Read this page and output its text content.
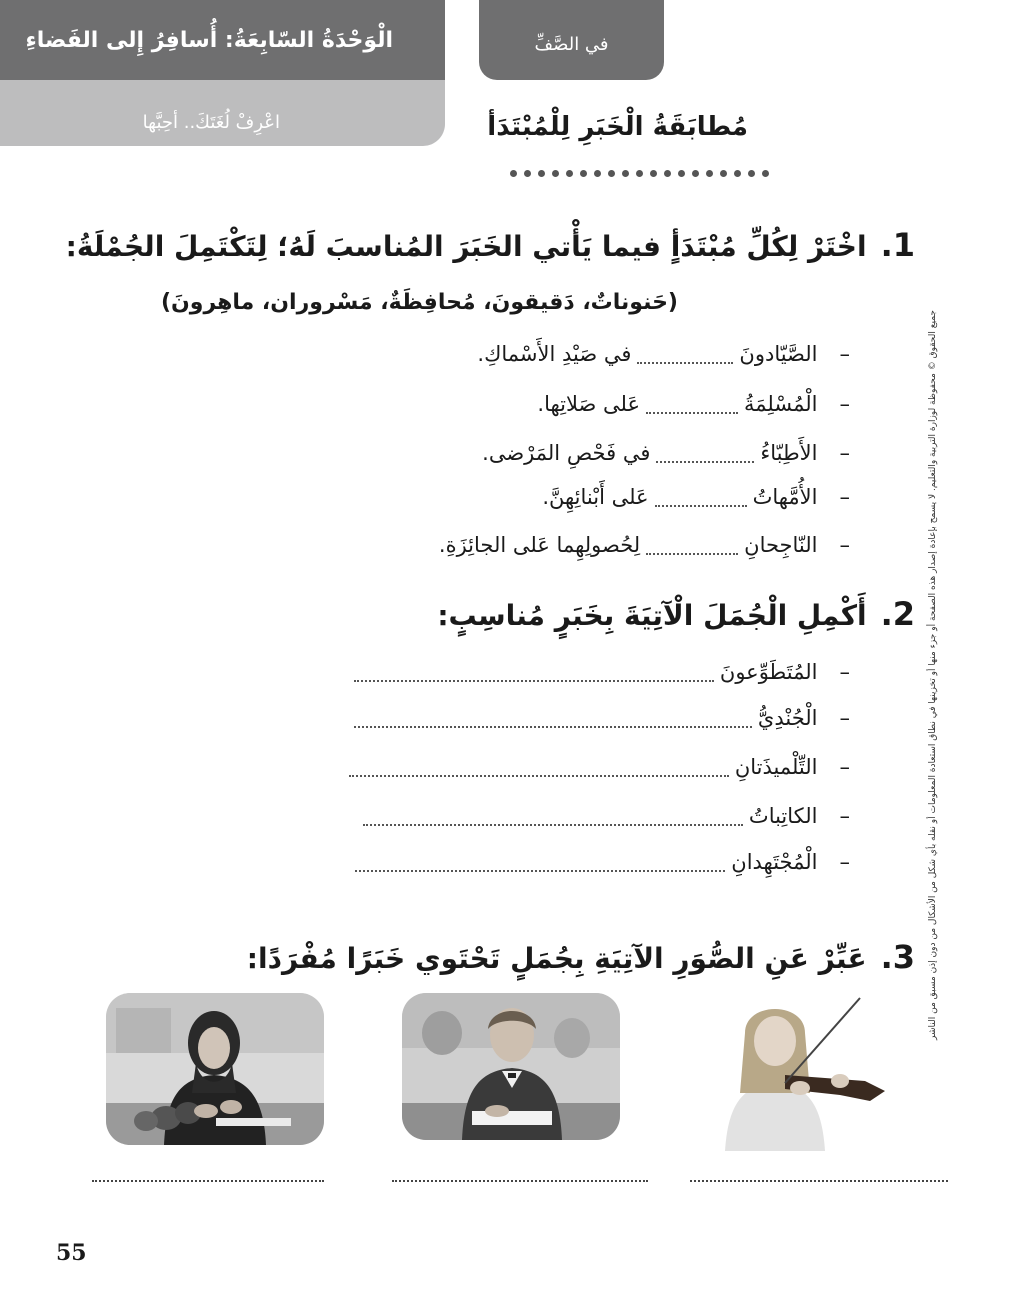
الْوَحْدَةُ السّابِعَةُ: أُسافِرُ إِلى الفَضاءِ
اعْرِفْ لُغَتَكَ.. أحِبَّها
في الصَّفِّ
مُطابَقَةُ الْخَبَرِ لِلْمُبْتَدَأ
1.اخْتَرْ لِكُلِّ مُبْتَدَأٍ فيما يَأْتي الخَبَرَ المُناسبَ لَهُ؛ لِتَكْتَمِلَ الجُمْلَةُ:
(حَنوناتٌ، دَقيقونَ، مُحافِظَةٌ، مَسْروران، ماهِرونَ)
–الصَّيّادونَفي صَيْدِ الأَسْماكِ.
–الْمُسْلِمَةُعَلى صَلاتِها.
–الأَطِبّاءُفي فَحْصِ المَرْضى.
–الأُمَّهاتُعَلى أَبْنائِهِنَّ.
–النّاجِحانِلِحُصولِهِما عَلى الجائِزَةِ.
2.أَكْمِلِ الْجُمَلَ الْآتِيَةَ بِخَبَرٍ مُناسِبٍ:
–المُتَطَوِّعونَ
–الْجُنْدِيُّ
–التِّلْميذَتانِ
–الكاتِباتُ
–الْمُجْتَهِدانِ
3.عَبِّرْ عَنِ الصُّوَرِ الآتِيَةِ بِجُمَلٍ تَحْتَوي خَبَرًا مُفْرَدًا:	جميع الحقوق © محفوظة لوزارة التربية والتعليم. لا يسمح بإعادة إصدار هذه الصفحة أو جزء منها أو تخزينها في نطاق استعادة المعلومات أو نقله بأي شكل من الأشكال من دون إذن مسبق من الناشر
55
